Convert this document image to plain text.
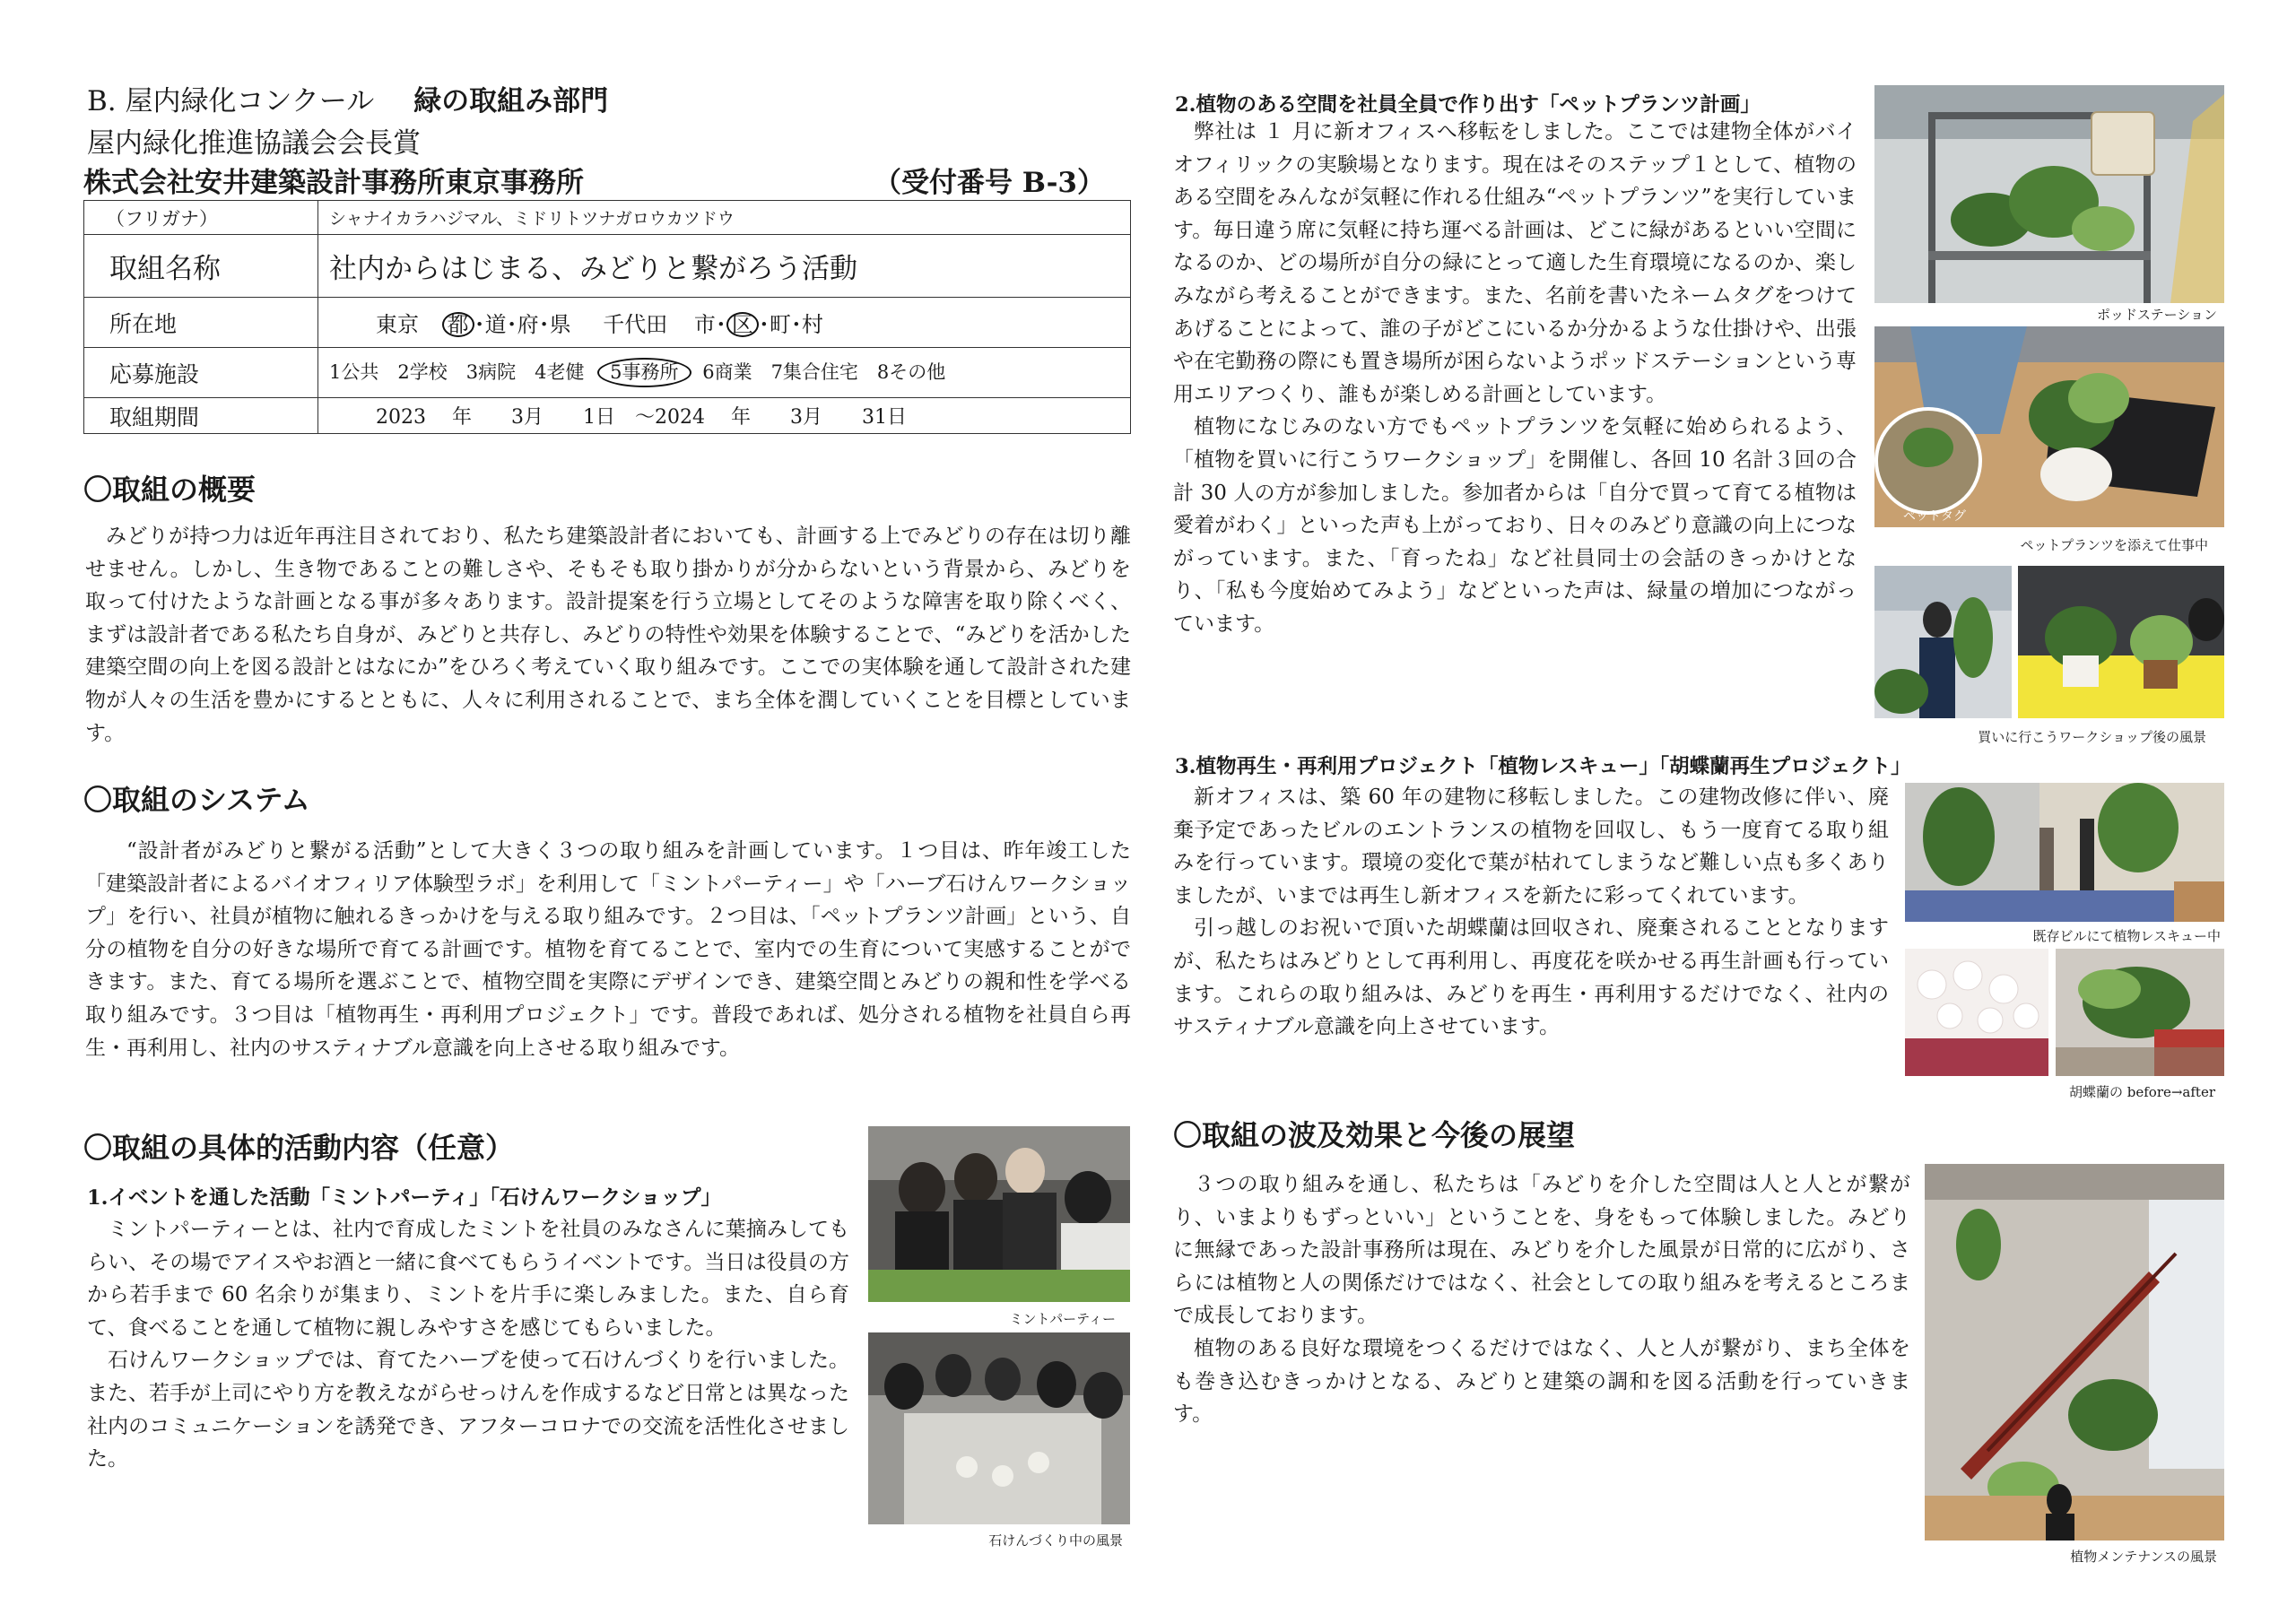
B. 屋内緑化コンクール 緑の取組み部門
屋内緑化推進協議会会長賞
株式会社安井建築設計事務所東京事務所	（受付番号 B-3）
（フリガナ）	シャナイカラハジマル、ミドリトツナガロウカツドウ
取組名称	社内からはじまる、みどりと繋がろう活動
所在地	東京 都 ･道･府･県 千代田 市･ 区 ･町･村
応募施設	1公共　2学校　3病院　4老健 5事務所 6商業　7集合住宅　8その他
取組期間	2023　 年　　3月　　1日　～2024　 年　　3月　　31日
〇取組の概要

みどりが持つ力は近年再注目されており、私たち建築設計者においても、計画する上でみどりの存在は切り離せません。しかし、生き物であることの難しさや、そもそも取り掛かりが分からないという背景から、みどりを取って付けたような計画となる事が多々あります。設計提案を行う立場としてそのような障害を取り除くべく、まずは設計者である私たち自身が、みどりと共存し、みどりの特性や効果を体験することで、“みどりを活かした建築空間の向上を図る設計とはなにか”をひろく考えていく取り組みです。ここでの実体験を通して設計された建物が人々の生活を豊かにするとともに、人々に利用されることで、まち全体を潤していくことを目標としています。

〇取組のシステム

“設計者がみどりと繋がる活動”として大きく３つの取り組みを計画しています。１つ目は、昨年竣工した「建築設計者によるバイオフィリア体験型ラボ」を利用して「ミントパーティー」や「ハーブ石けんワークショップ」を行い、社員が植物に触れるきっかけを与える取り組みです。２つ目は、「ペットプランツ計画」という、自分の植物を自分の好きな場所で育てる計画です。植物を育てることで、室内での生育について実感することができます。また、育てる場所を選ぶことで、植物空間を実際にデザインでき、建築空間とみどりの親和性を学べる取り組みです。３つ目は「植物再生・再利用プロジェクト」です。普段であれば、処分される植物を社員自ら再生・再利用し、社内のサスティナブル意識を向上させる取り組みです。

〇取組の具体的活動内容（任意）
1.イベントを通した活動「ミントパーティ」「石けんワークショップ」

ミントパーティーとは、社内で育成したミントを社員のみなさんに葉摘みしてもらい、その場でアイスやお酒と一緒に食べてもらうイベントです。当日は役員の方から若手まで 60 名余りが集まり、ミントを片手に楽しみました。また、自ら育て、食べることを通して植物に親しみやすさを感じてもらいました。

石けんワークショップでは、育てたハーブを使って石けんづくりを行いました。また、若手が上司にやり方を教えながらせっけんを作成するなど日常とは異なった社内のコミュニケーションを誘発でき、アフターコロナでの交流を活性化させました。

ミントパーティー
石けんづくり中の風景
2.植物のある空間を社員全員で作り出す「ペットプランツ計画」

弊社は １ 月に新オフィスへ移転をしました。ここでは建物全体がバイオフィリックの実験場となります。現在はそのステップ１として、植物のある空間をみんなが気軽に作れる仕組み“ペットプランツ”を実行しています。毎日違う席に気軽に持ち運べる計画は、どこに緑があるといい空間になるのか、どの場所が自分の緑にとって適した生育環境になるのか、楽しみながら考えることができます。また、名前を書いたネームタグをつけてあげることによって、誰の子がどこにいるか分かるような仕掛けや、出張や在宅勤務の際にも置き場所が困らないようポッドステーションという専用エリアつくり、誰もが楽しめる計画としています。

植物になじみのない方でもペットプランツを気軽に始められるよう、「植物を買いに行こうワークショップ」を開催し、各回 10 名計３回の合計 30 人の方が参加しました。参加者からは「自分で買って育てる植物は愛着がわく」といった声も上がっており、日々のみどり意識の向上につながっています。また、「育ったね」など社員同士の会話のきっかけとなり、「私も今度始めてみよう」などといった声は、緑量の増加につながっています。

ポッドステーション
ペットタグ
ペットプランツを添えて仕事中
買いに行こうワークショップ後の風景
3.植物再生・再利用プロジェクト「植物レスキュー」「胡蝶蘭再生プロジェクト」

新オフィスは、築 60 年の建物に移転しました。この建物改修に伴い、廃棄予定であったビルのエントランスの植物を回収し、もう一度育てる取り組みを行っています。環境の変化で葉が枯れてしまうなど難しい点も多くありましたが、いまでは再生し新オフィスを新たに彩ってくれています。

引っ越しのお祝いで頂いた胡蝶蘭は回収され、廃棄されることとなりますが、私たちはみどりとして再利用し、再度花を咲かせる再生計画も行っています。これらの取り組みは、みどりを再生・再利用するだけでなく、社内のサスティナブル意識を向上させています。

既存ビルにて植物レスキュー中
胡蝶蘭の before→after
〇取組の波及効果と今後の展望

３つの取り組みを通し、私たちは「みどりを介した空間は人と人とが繋がり、いまよりもずっといい」ということを、身をもって体験しました。みどりに無縁であった設計事務所は現在、みどりを介した風景が日常的に広がり、さらには植物と人の関係だけではなく、社会としての取り組みを考えるところまで成長しております。

植物のある良好な環境をつくるだけではなく、人と人が繋がり、まち全体をも巻き込むきっかけとなる、みどりと建築の調和を図る活動を行っていきます。

植物メンテナンスの風景
